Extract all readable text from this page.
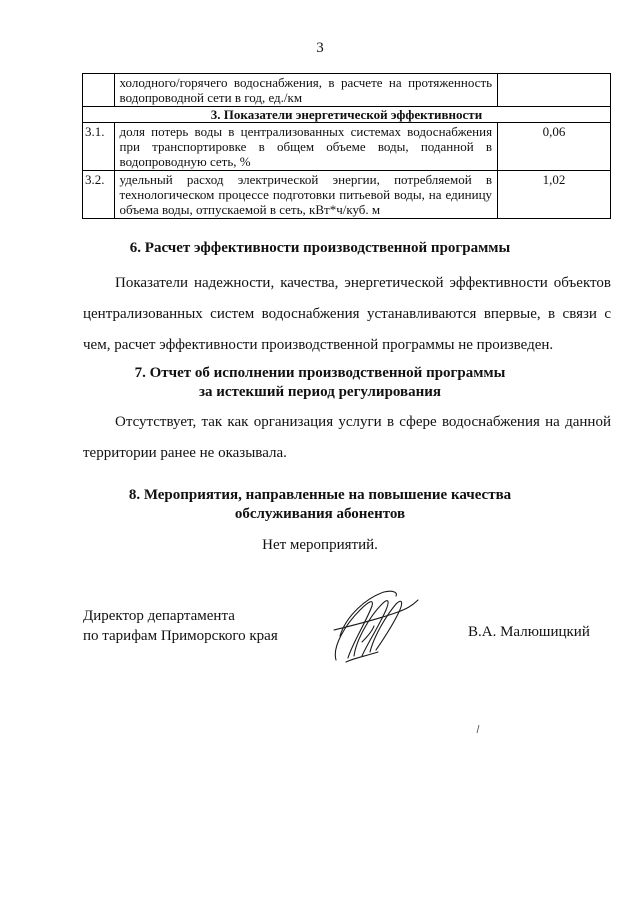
3
	холодного/горячего водоснабжения, в расчете на протяженность водопроводной сети в год, ед./км	
3. Показатели энергетической эффективности		
3.1.	доля потерь воды в централизованных системах водоснабжения при транспортировке в общем объеме воды, поданной в водопроводную сеть, %	0,06
3.2.	удельный расход электрической энергии, потребляемой в технологическом процессе подготовки питьевой воды, на единицу объема воды, отпускаемой в сеть, кВт*ч/куб. м	1,02
6. Расчет эффективности производственной программы
Показатели надежности, качества, энергетической эффективности объектов централизованных систем водоснабжения устанавливаются впервые, в связи с чем, расчет эффективности производственной программы не произведен.
7. Отчет об исполнении производственной программы
за истекший период регулирования
Отсутствует, так как организация услуги в сфере водоснабжения на данной территории ранее не оказывала.
8. Мероприятия, направленные на повышение качества
обслуживания абонентов
Нет мероприятий.
Директор департамента
по тарифам Приморского края	В.А. Малюшицкий
